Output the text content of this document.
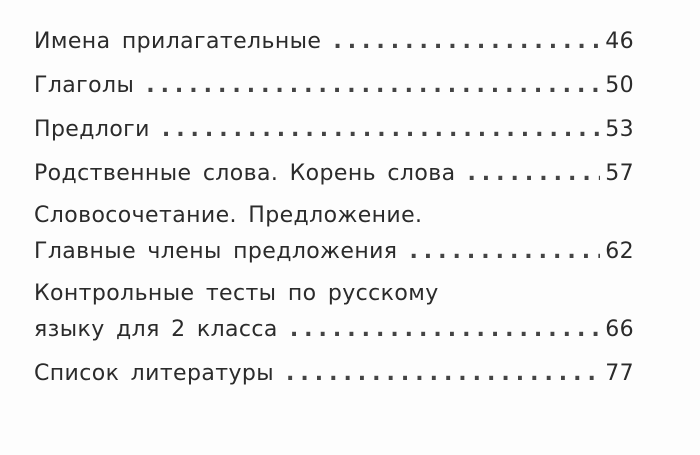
Имена прилагательные .....	46
Глаголы .....	50
Предлоги .....	53
Родственные слова. Корень слова .....	57
Словосочетание. Предложение.
Главные члены предложения .....	62
Контрольные тесты по русскому
языку для 2 класса .....	66
Список литературы .....	77
